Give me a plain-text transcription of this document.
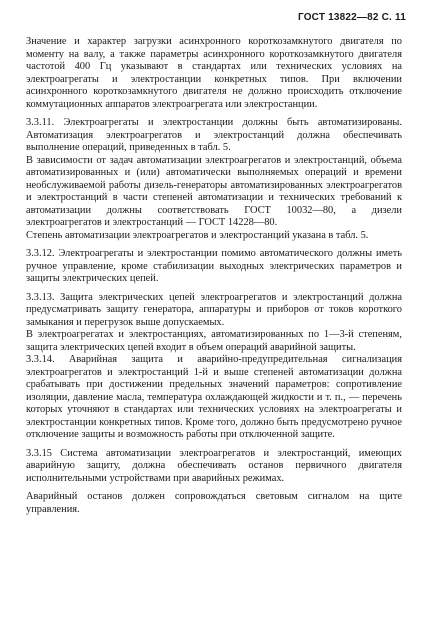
ГОСТ 13822—82 С. 11

Значение и характер загрузки асинхронного короткозамкнутого двигателя по моменту на валу, а также параметры асинхронного короткозамкнутого двигателя частотой 400 Гц указывают в стандартах или технических условиях на электроагрегаты и электростанции конкретных типов. При включении асинхронного короткозамкнутого двигателя не должно происходить отключение коммутационных аппаратов электроагрегата или электростанции.

3.3.11. Электроагрегаты и электростанции должны быть автоматизированы. Автоматизация электроагрегатов и электростанций должна обеспечивать выполнение операций, приведенных в табл. 5.

В зависимости от задач автоматизации электроагрегатов и электростанций, объема автоматизированных и (или) автоматически выполняемых операций и времени необслуживаемой работы дизель-генераторы автоматизированных электроагрегатов и электростанций в части степеней автоматизации и технических требований к автоматизации должны соответствовать ГОСТ 10032—80, а дизели электроагрегатов и электростанций — ГОСТ 14228—80.

Степень автоматизации электроагрегатов и электростанций указана в табл. 5.

3.3.12. Электроагрегаты и электростанции помимо автоматического должны иметь ручное управление, кроме стабилизации выходных электрических параметров и защиты электрических цепей.

3.3.13. Защита электрических цепей электроагрегатов и электростанций должна предусматривать защиту генератора, аппаратуры и приборов от токов короткого замыкания и перегрузок выше допускаемых.

В электроагрегатах и электростанциях, автоматизированных по 1—3-й степеням, защита электрических цепей входит в объем операций аварийной защиты.

3.3.14. Аварийная защита и аварийно-предупредительная сигнализация электроагрегатов и электростанций 1-й и выше степеней автоматизации должна срабатывать при достижении предельных значений параметров: сопротивление изоляции, давление масла, температура охлаждающей жидкости и т. п., — перечень которых уточняют в стандартах или технических условиях на электроагрегаты и электростанции конкретных типов. Кроме того, должно быть предусмотрено ручное отключение защиты и возможность работы при отключенной защите.

3.3.15 Система автоматизации электроагрегатов и электростанций, имеющих аварийную защиту, должна обеспечивать останов первичного двигателя исполнительными устройствами при аварийных режимах.

Аварийный останов должен сопровождаться световым сигналом на щите управления.
